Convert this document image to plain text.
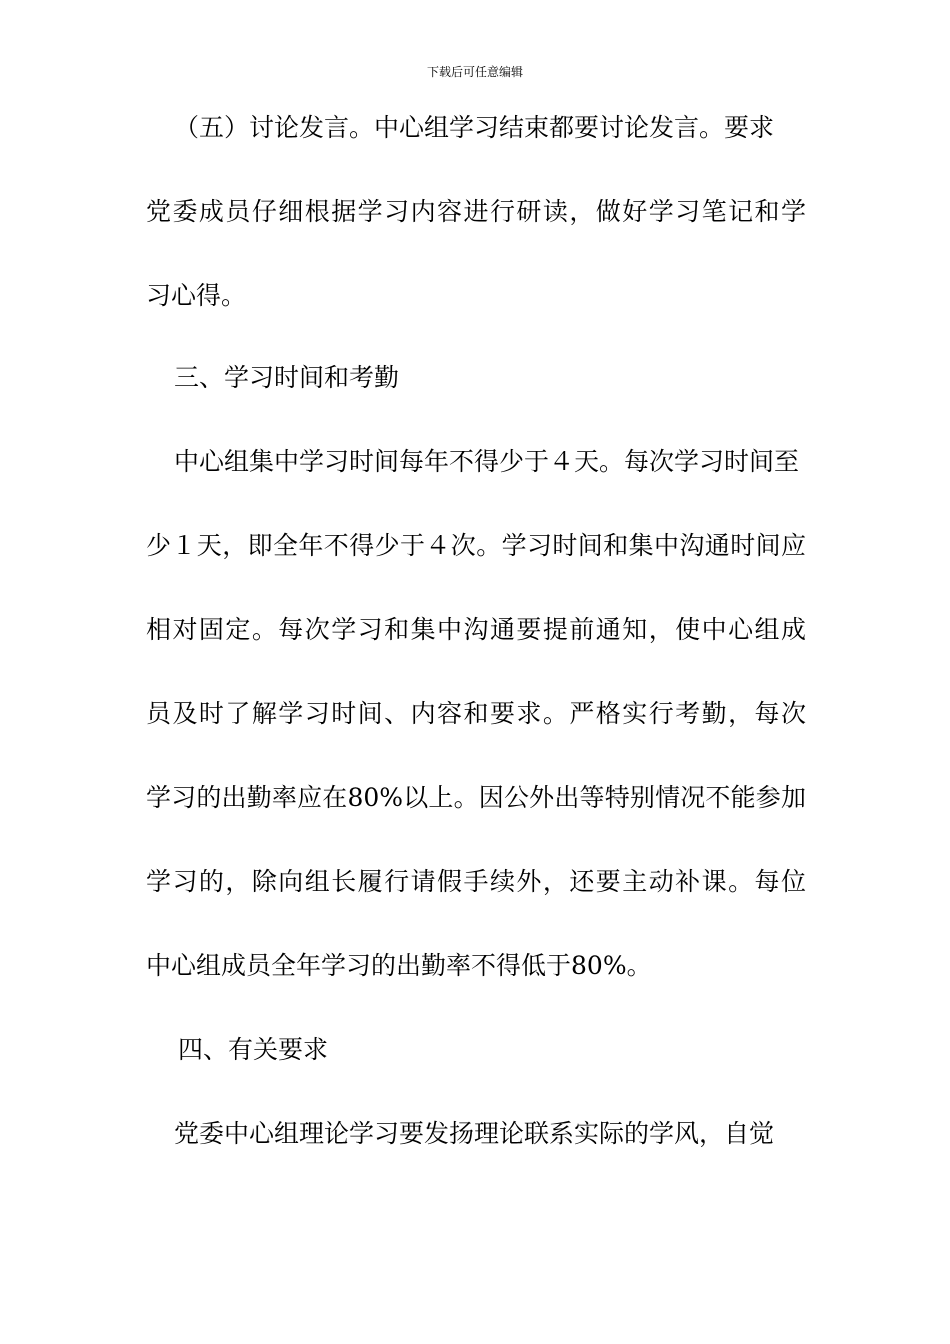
下载后可任意编辑
（五）讨论发言。中心组学习结束都要讨论发言。要求
党委成员仔细根据学习内容进行研读，做好学习笔记和学
习心得。
三、学习时间和考勤
中心组集中学习时间每年不得少于４天。每次学习时间至
少１天，即全年不得少于４次。学习时间和集中沟通时间应
相对固定。每次学习和集中沟通要提前通知，使中心组成
员及时了解学习时间、内容和要求。严格实行考勤，每次
学习的出勤率应在80%以上。因公外出等特别情况不能参加
学习的，除向组长履行请假手续外，还要主动补课。每位
中心组成员全年学习的出勤率不得低于80%。
四、有关要求
党委中心组理论学习要发扬理论联系实际的学风，自觉
